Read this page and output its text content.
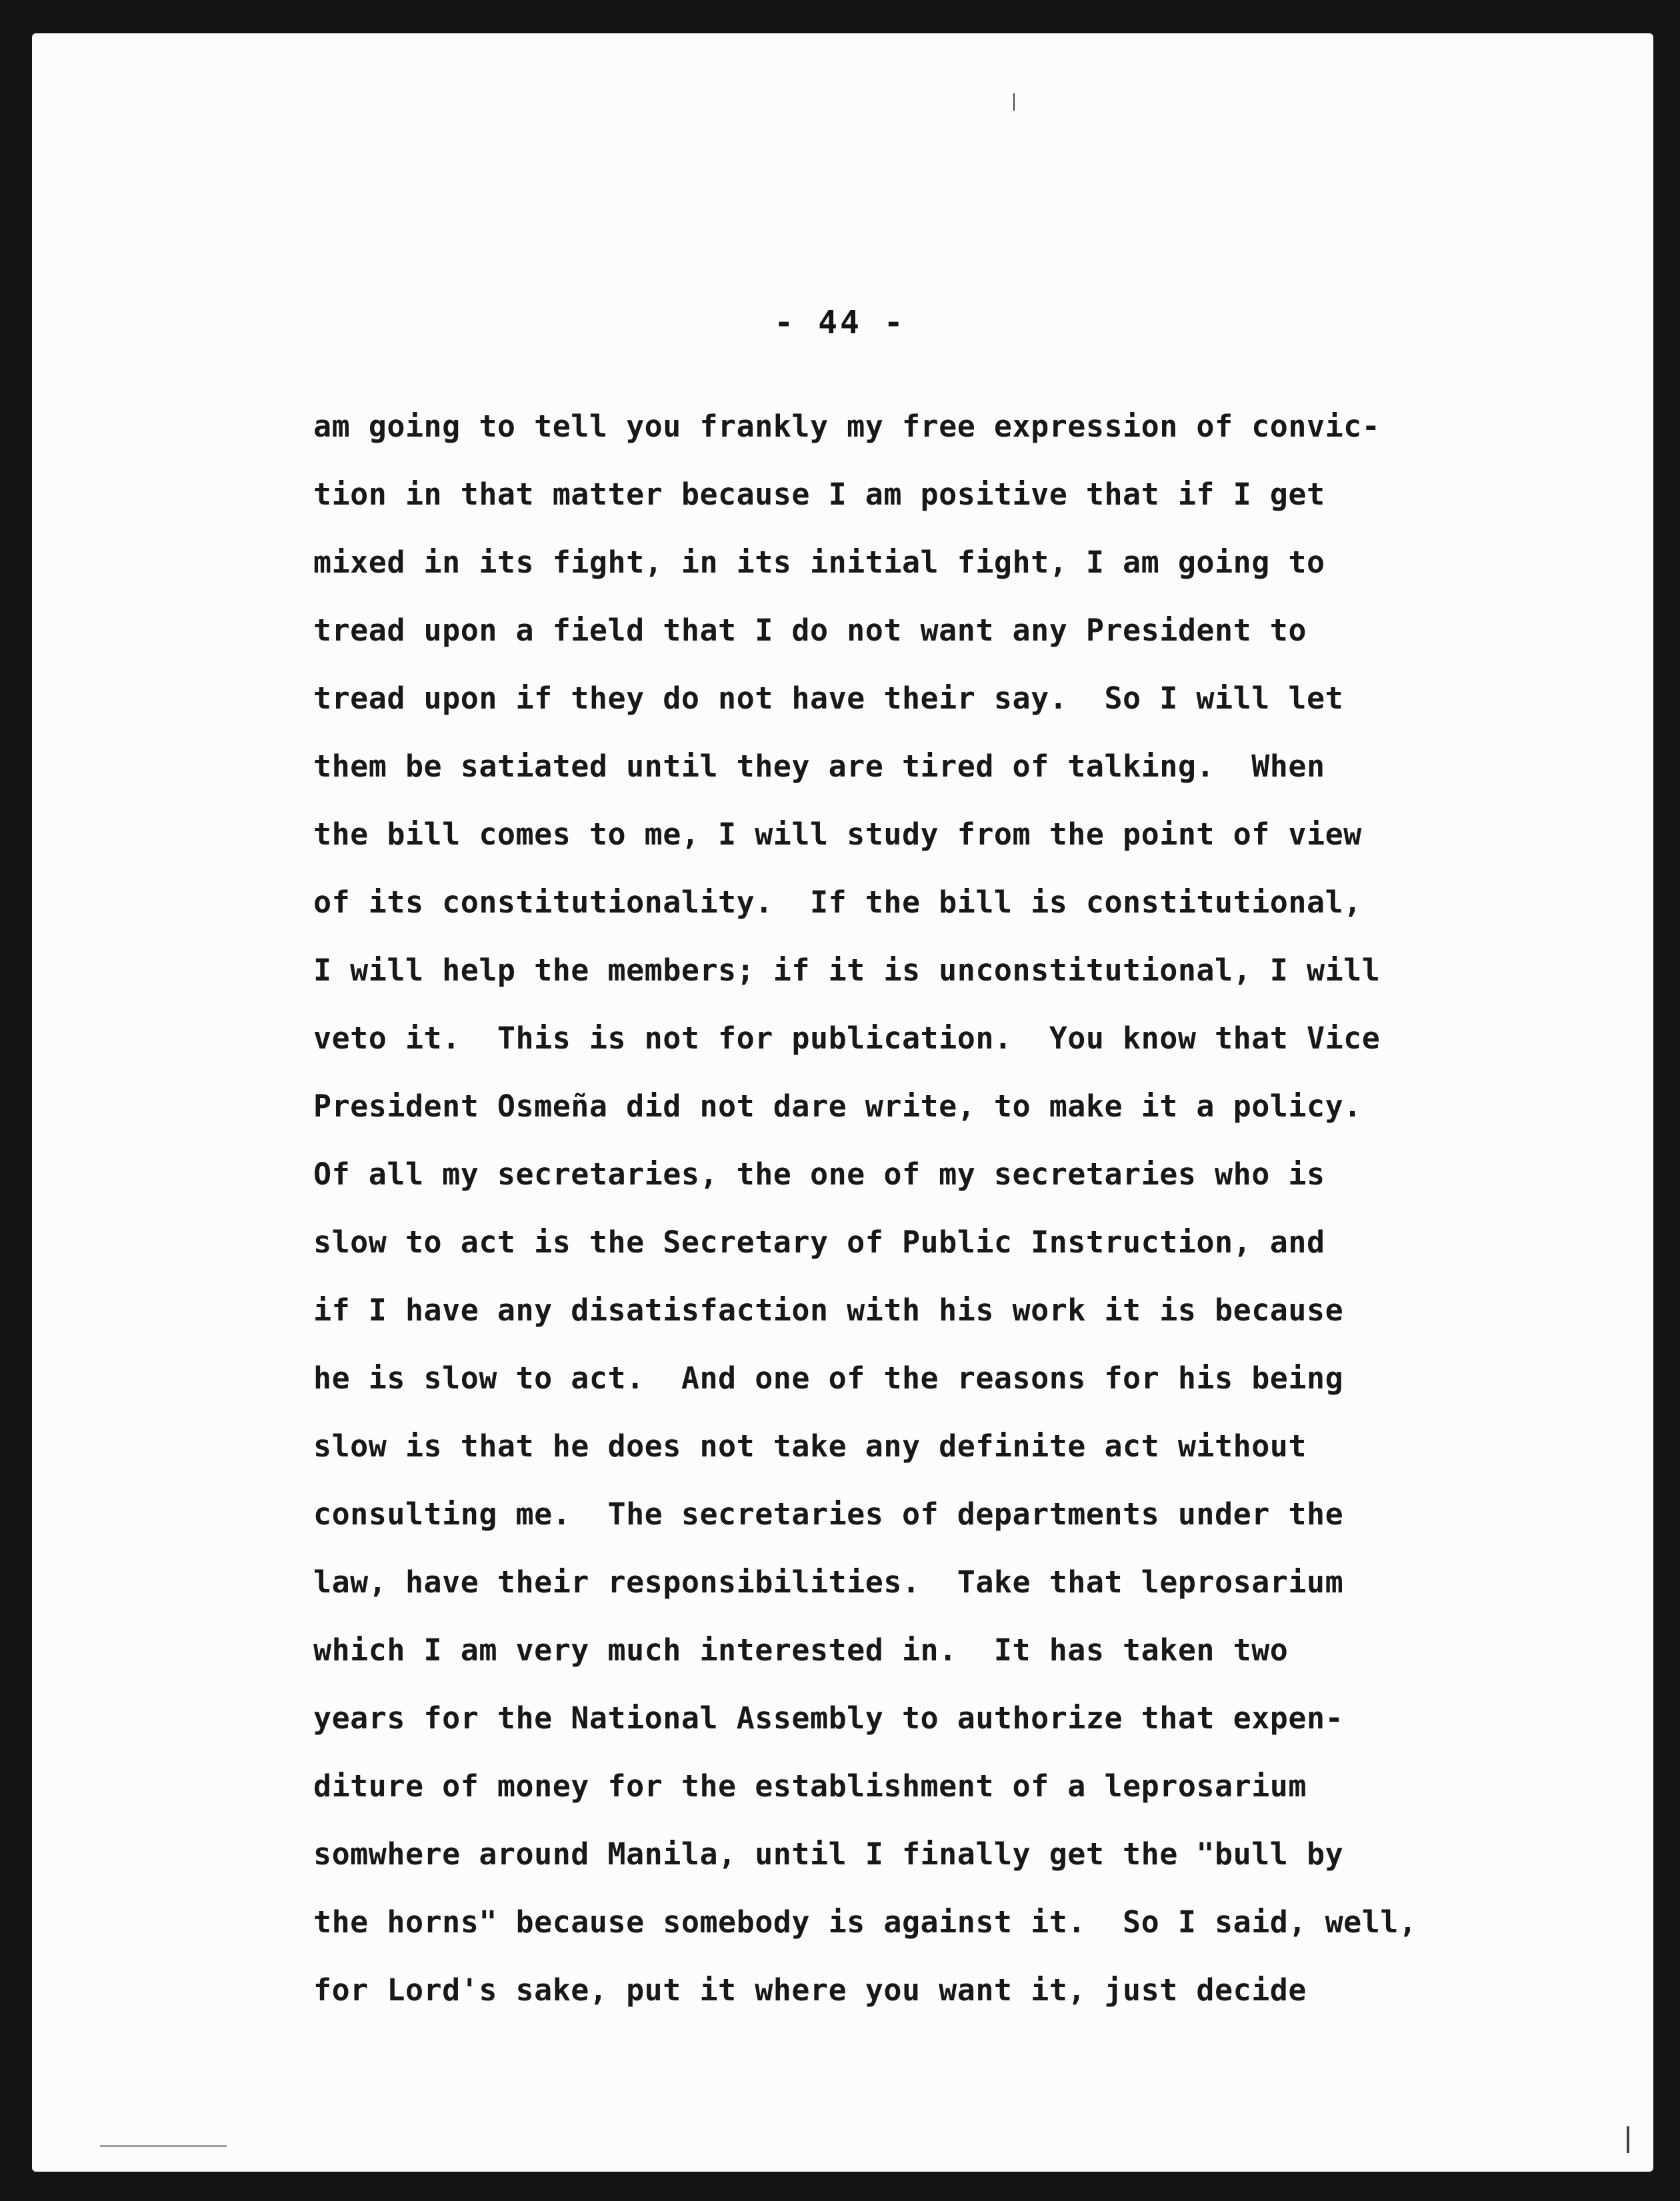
- 44 -
am going to tell you frankly my free expression of convic-
tion in that matter because I am positive that if I get
mixed in its fight, in its initial fight, I am going to
tread upon a field that I do not want any President to
tread upon if they do not have their say.  So I will let
them be satiated until they are tired of talking.  When
the bill comes to me, I will study from the point of view
of its constitutionality.  If the bill is constitutional,
I will help the members; if it is unconstitutional, I will
veto it.  This is not for publication.  You know that Vice
President Osmeña did not dare write, to make it a policy.
Of all my secretaries, the one of my secretaries who is
slow to act is the Secretary of Public Instruction, and
if I have any disatisfaction with his work it is because
he is slow to act.  And one of the reasons for his being
slow is that he does not take any definite act without
consulting me.  The secretaries of departments under the
law, have their responsibilities.  Take that leprosarium
which I am very much interested in.  It has taken two
years for the National Assembly to authorize that expen-
diture of money for the establishment of a leprosarium
somwhere around Manila, until I finally get the "bull by
the horns" because somebody is against it.  So I said, well,
for Lord's sake, put it where you want it, just decide
